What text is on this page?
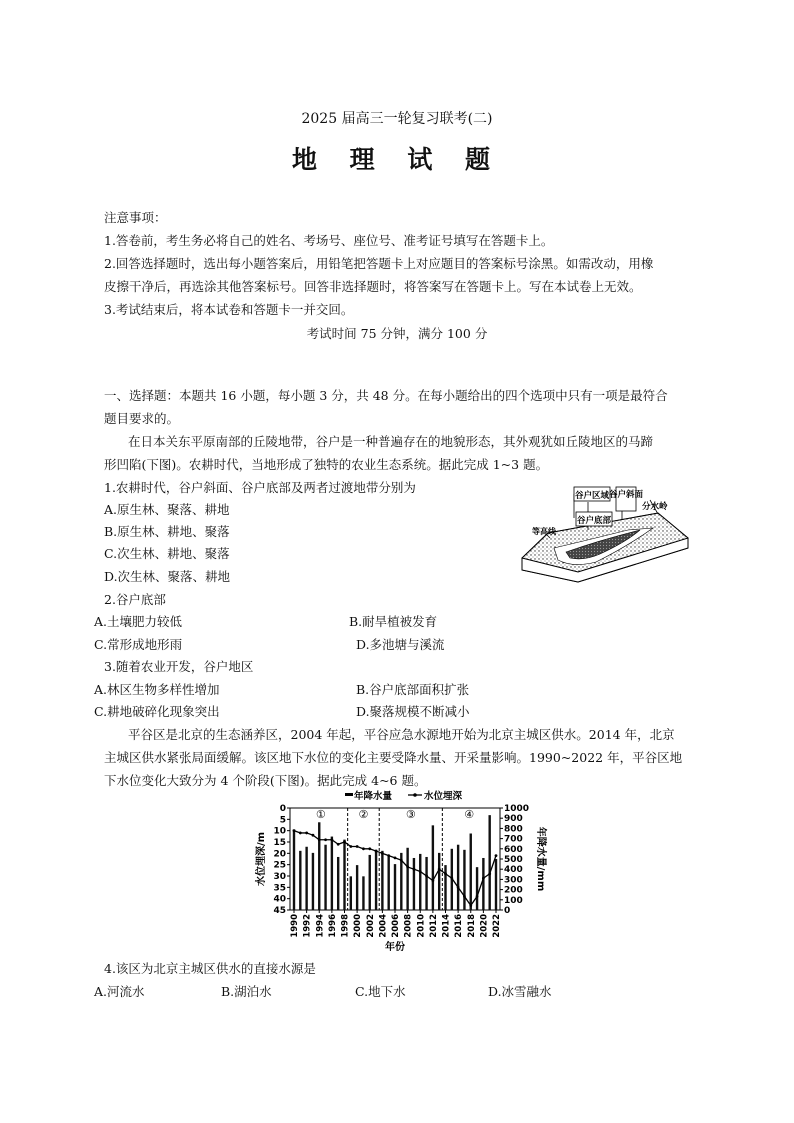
2025 届高三一轮复习联考(二)
地 理 试 题
注意事项：
1.答卷前，考生务必将自己的姓名、考场号、座位号、准考证号填写在答题卡上。
2.回答选择题时，选出每小题答案后，用铅笔把答题卡上对应题目的答案标号涂黑。如需改动，用橡
皮擦干净后，再选涂其他答案标号。回答非选择题时，将答案写在答题卡上。写在本试卷上无效。
3.考试结束后，将本试卷和答题卡一并交回。
考试时间 75 分钟，满分 100 分
一、选择题：本题共 16 小题，每小题 3 分，共 48 分。在每小题给出的四个选项中只有一项是最符合
题目要求的。
在日本关东平原南部的丘陵地带，谷户是一种普遍存在的地貌形态，其外观犹如丘陵地区的马蹄
形凹陷(下图)。农耕时代，当地形成了独特的农业生态系统。据此完成 1~3 题。
1.农耕时代，谷户斜面、谷户底部及两者过渡地带分别为
A.原生林、聚落、耕地
B.原生林、耕地、聚落
C.次生林、耕地、聚落
D.次生林、聚落、耕地
谷户区域 谷户斜面
谷户底部
分水岭
等高线
2.谷户底部
A.土壤肥力较低	B.耐旱植被发育
C.常形成地形雨	D.多池塘与溪流
3.随着农业开发，谷户地区
A.林区生物多样性增加	B.谷户底部面积扩张
C.耕地破碎化现象突出	D.聚落规模不断减小
平谷区是北京的生态涵养区，2004 年起，平谷应急水源地开始为北京主城区供水。2014 年，北京
主城区供水紧张局面缓解。该区地下水位的变化主要受降水量、开采量影响。1990~2022 年，平谷区地
下水位变化大致分为 4 个阶段(下图)。据此完成 4~6 题。
0
5
10
15
20
25
30
35
40
45
1000
900
800
700
600
500
400
300
200
100
0
1990 1992 1994 1996 1998 2000 2002 2004 2006 2008 2010 2012 2014 2016 2018 2020 2022
①	②	③	④
年降水量	水位埋深
水位埋深/m	年降水量/mm
年份
4.该区为北京主城区供水的直接水源是
A.河流水	B.湖泊水	C.地下水	D.冰雪融水
